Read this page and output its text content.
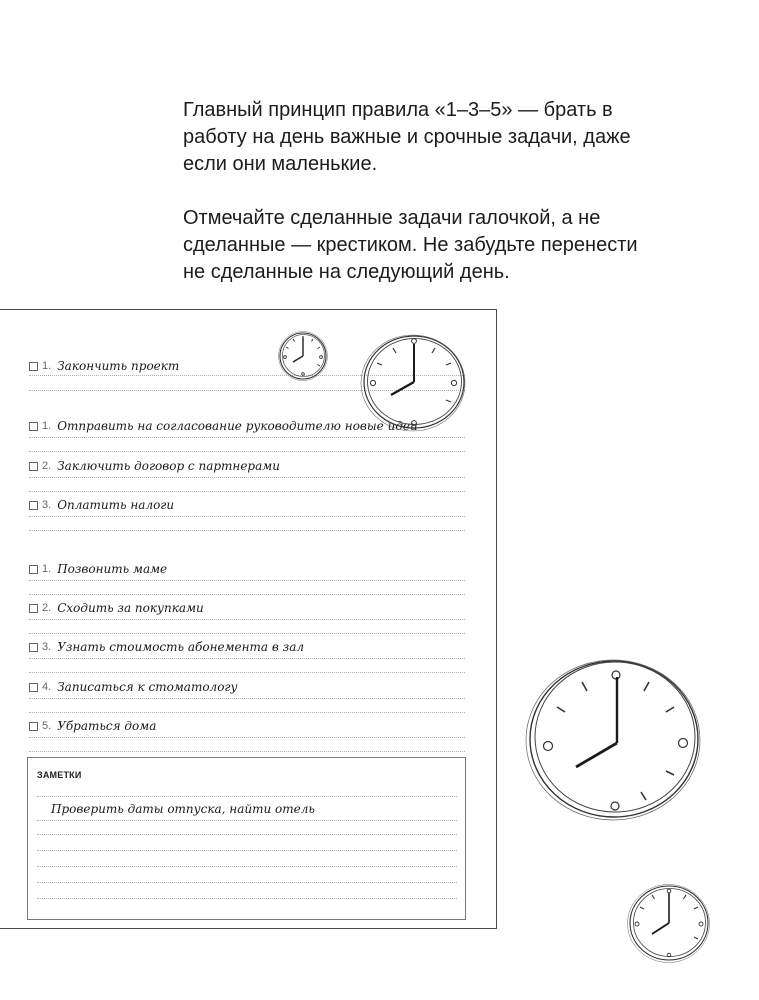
Главный принцип правила «1–3–5» — брать в работу на день важные и срочные задачи, даже если они маленькие.

Отмечайте сделанные задачи галочкой, а не сделанные — крестиком. Не забудьте перенести не сделанные на следующий день.

1. Закончить проект
1. Отправить на согласование руководителю новые идеи
2. Заключить договор с партнерами
3. Оплатить налоги
1. Позвонить маме
2. Сходить за покупками
3. Узнать стоимость абонемента в зал
4. Записаться к стоматологу
5. Убраться дома
ЗАМЕТКИ
Проверить даты отпуска, найти отель
